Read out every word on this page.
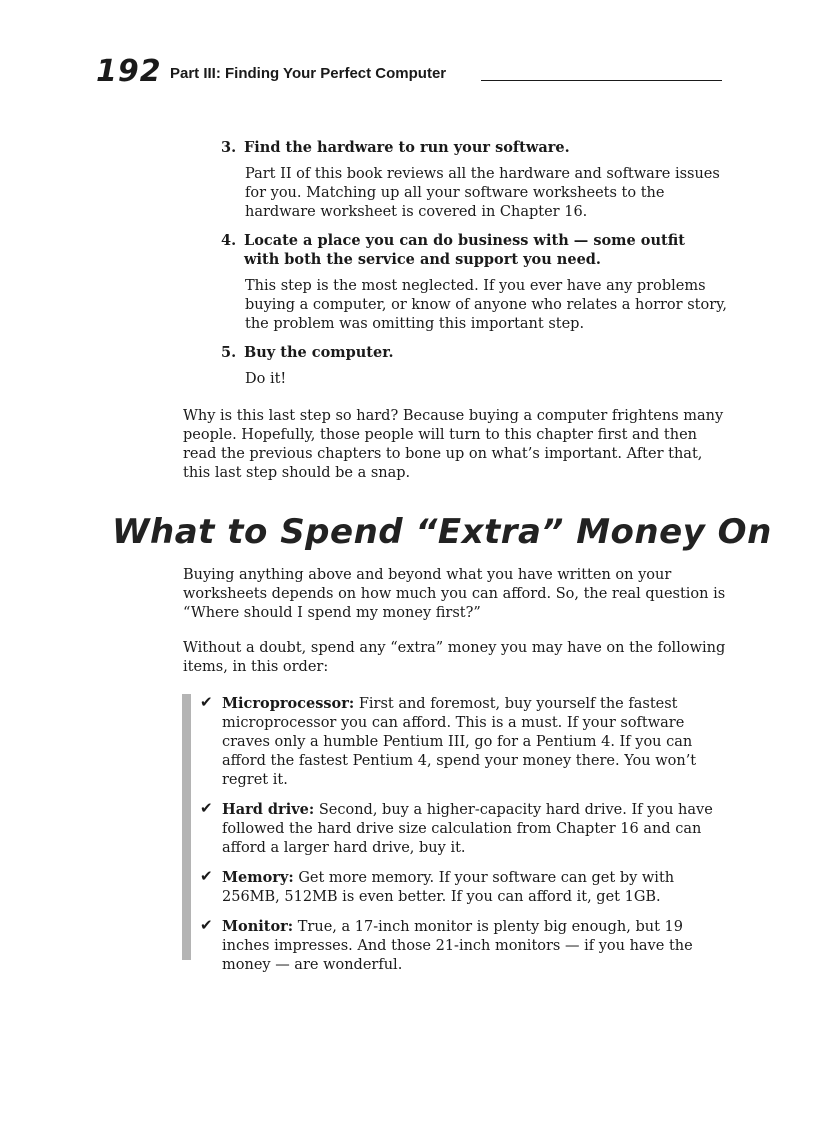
192 Part III: Finding Your Perfect Computer

3. Find the hardware to run your software.

Part II of this book reviews all the hardware and software issues for you. Matching up all your software worksheets to the hardware worksheet is covered in Chapter 16.

4. Locate a place you can do business with — some outfit with both the service and support you need.

This step is the most neglected. If you ever have any problems buying a computer, or know of anyone who relates a horror story, the problem was omitting this important step.

5. Buy the computer.

Do it!

Why is this last step so hard? Because buying a computer frightens many people. Hopefully, those people will turn to this chapter first and then read the previous chapters to bone up on what’s important. After that, this last step should be a snap.

What to Spend “Extra” Money On

Buying anything above and beyond what you have written on your worksheets depends on how much you can afford. So, the real question is “Where should I spend my money first?”

Without a doubt, spend any “extra” money you may have on the following items, in this order:

✔ Microprocessor: First and foremost, buy yourself the fastest microprocessor you can afford. This is a must. If your software craves only a humble Pentium III, go for a Pentium 4. If you can afford the fastest Pentium 4, spend your money there. You won’t regret it.
✔ Hard drive: Second, buy a higher-capacity hard drive. If you have followed the hard drive size calculation from Chapter 16 and can afford a larger hard drive, buy it.
✔ Memory: Get more memory. If your software can get by with 256MB, 512MB is even better. If you can afford it, get 1GB.
✔ Monitor: True, a 17-inch monitor is plenty big enough, but 19 inches impresses. And those 21-inch monitors — if you have the money — are wonderful.
